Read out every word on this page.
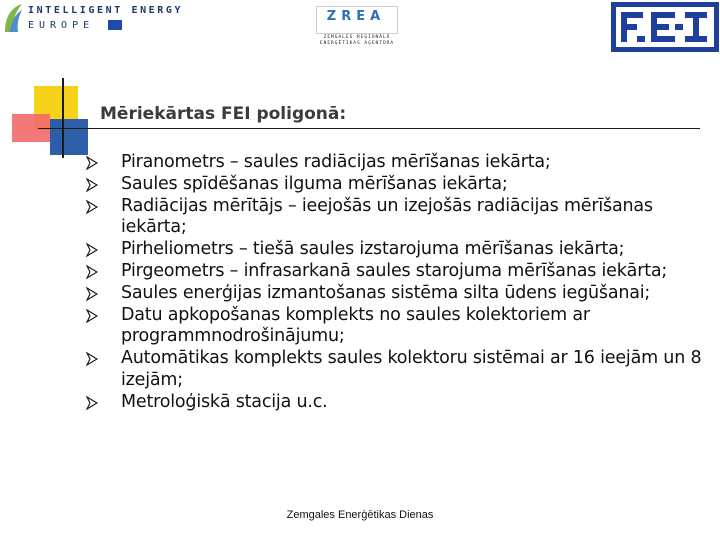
INTELLIGENT ENERGY
EUROPE
ZREA
ZEMGALES REĢIONĀLĀ
ENERĢĒTIKAS AĢENTŪRA
Mēriekārtas FEI poligonā:
Piranometrs – saules radiācijas mērīšanas iekārta;
Saules spīdēšanas ilguma mērīšanas iekārta;
Radiācijas mērītājs – ieejošās un izejošās radiācijas mērīšanas iekārta;
Pirheliometrs – tiešā saules izstarojuma mērīšanas iekārta;
Pirgeometrs – infrasarkanā saules starojuma mērīšanas iekārta;
Saules enerģijas izmantošanas sistēma silta ūdens iegūšanai;
Datu apkopošanas komplekts no saules kolektoriem ar programmnodrošinājumu;
Automātikas komplekts saules kolektoru sistēmai ar 16 ieejām un 8 izejām;
Metroloģiskā stacija u.c.
Zemgales Enerģētikas Dienas
